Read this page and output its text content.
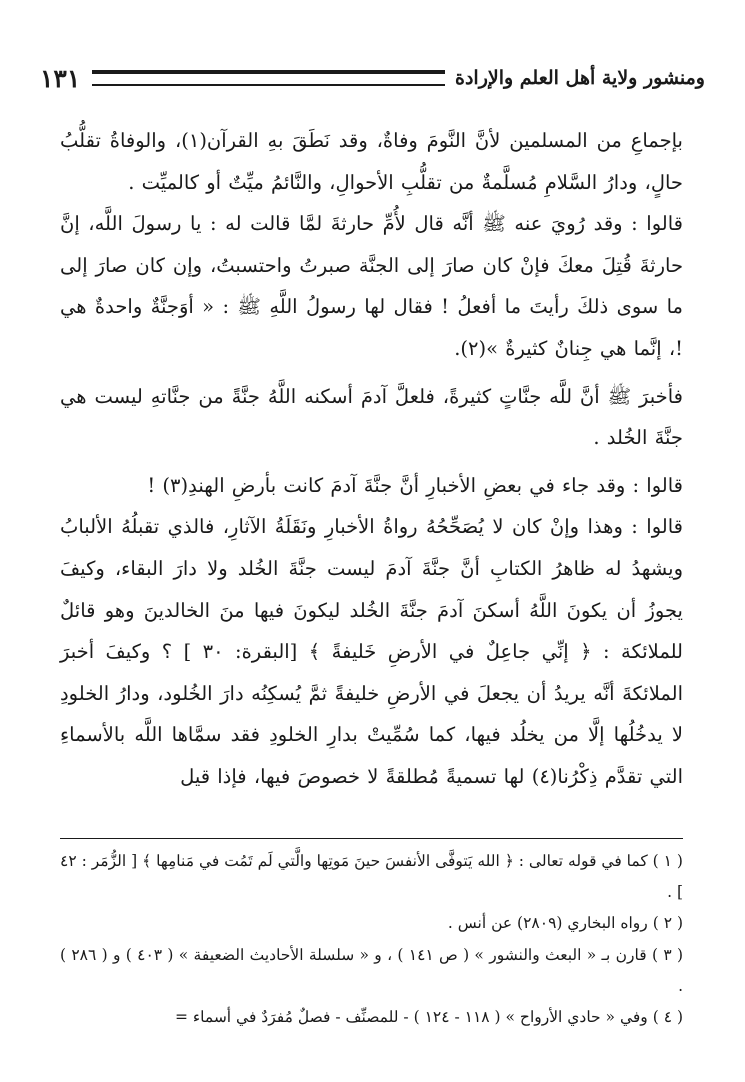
١٣١	ومنشور ولاية أهل العلم والإرادة

بإجماعِ من المسلمين لأنَّ النَّومَ وفاةٌ، وقد نَطَقَ بهِ القرآن(١)، والوفاةُ تقلُّبُ حالٍ، ودارُ السَّلامِ مُسلَّمةٌ من تقلُّبِ الأحوالِ، والنَّائمُ ميِّتٌ أو كالميِّت .

قالوا : وقد رُويَ عنه ﷺ أنَّه قال لأُمِّ حارثةَ لمَّا قالت له : يا رسولَ اللَّه، إنَّ حارثةَ قُتِلَ معكَ فإنْ كان صارَ إلى الجنَّة صبرتُ واحتسبتُ، وإن كان صارَ إلى ما سوى ذلكَ رأيتَ ما أفعلُ ! فقال لها رسولُ اللَّهِ ﷺ : « أوَجنَّةٌ واحدةٌ هي !، إنَّما هي جِنانٌ كثيرةٌ »(٢).

فأخبرَ ﷺ أنَّ للَّه جنَّاتٍ كثيرةً، فلعلَّ آدمَ أسكنه اللَّهُ جنَّةً من جنَّاتهِ ليست هي جنَّةَ الخُلد .

قالوا : وقد جاء في بعضِ الأخبارِ أنَّ جنَّةَ آدمَ كانت بأرضِ الهندِ(٣) !

قالوا : وهذا وإنْ كان لا يُصَحِّحُهُ رواةُ الأخبارِ ونَقَلَةُ الآثارِ، فالذي تقبلُهُ الألبابُ ويشهدُ له ظاهرُ الكتابِ أنَّ جنَّةَ آدمَ ليست جنَّةَ الخُلد ولا دارَ البقاء، وكيفَ يجوزُ أن يكونَ اللَّهُ أسكنَ آدمَ جنَّةَ الخُلد ليكونَ فيها منَ الخالدينَ وهو قائلٌ للملائكة : ﴿ إنِّي جاعِلٌ في الأرضِ خَليفةً ﴾ [البقرة: ٣٠ ] ؟ وكيفَ أخبرَ الملائكةَ أنَّه يريدُ أن يجعلَ في الأرضِ خليفةً ثمَّ يُسكِنُه دارَ الخُلود، ودارُ الخلودِ لا يدخُلُها إلَّا من يخلُد فيها، كما سُمِّيتْ بدارِ الخلودِ فقد سمَّاها اللَّه بالأسماءِ التي تقدَّم ذِكْرُنا(٤) لها تسميةً مُطلقةً لا خصوصَ فيها، فإذا قيل

( ١ ) كما في قوله تعالى : ﴿ الله يَتوفَّى الأنفسَ حينَ مَوتِها والَّتي لَم تَمُت في مَنامِها ﴾ [ الزُّمَر : ٤٢ ] .

( ٢ ) رواه البخاري (٢٨٠٩) عن أنس .

( ٣ ) قارن بـ « البعث والنشور » ( ص ١٤١ ) ، و « سلسلة الأحاديث الضعيفة » ( ٤٠٣ ) و ( ٢٨٦ ) .

( ٤ ) وفي « حادي الأرواح » ( ١١٨ - ١٢٤ ) - للمصنِّف - فصلٌ مُفرَدٌ في أسماء =
